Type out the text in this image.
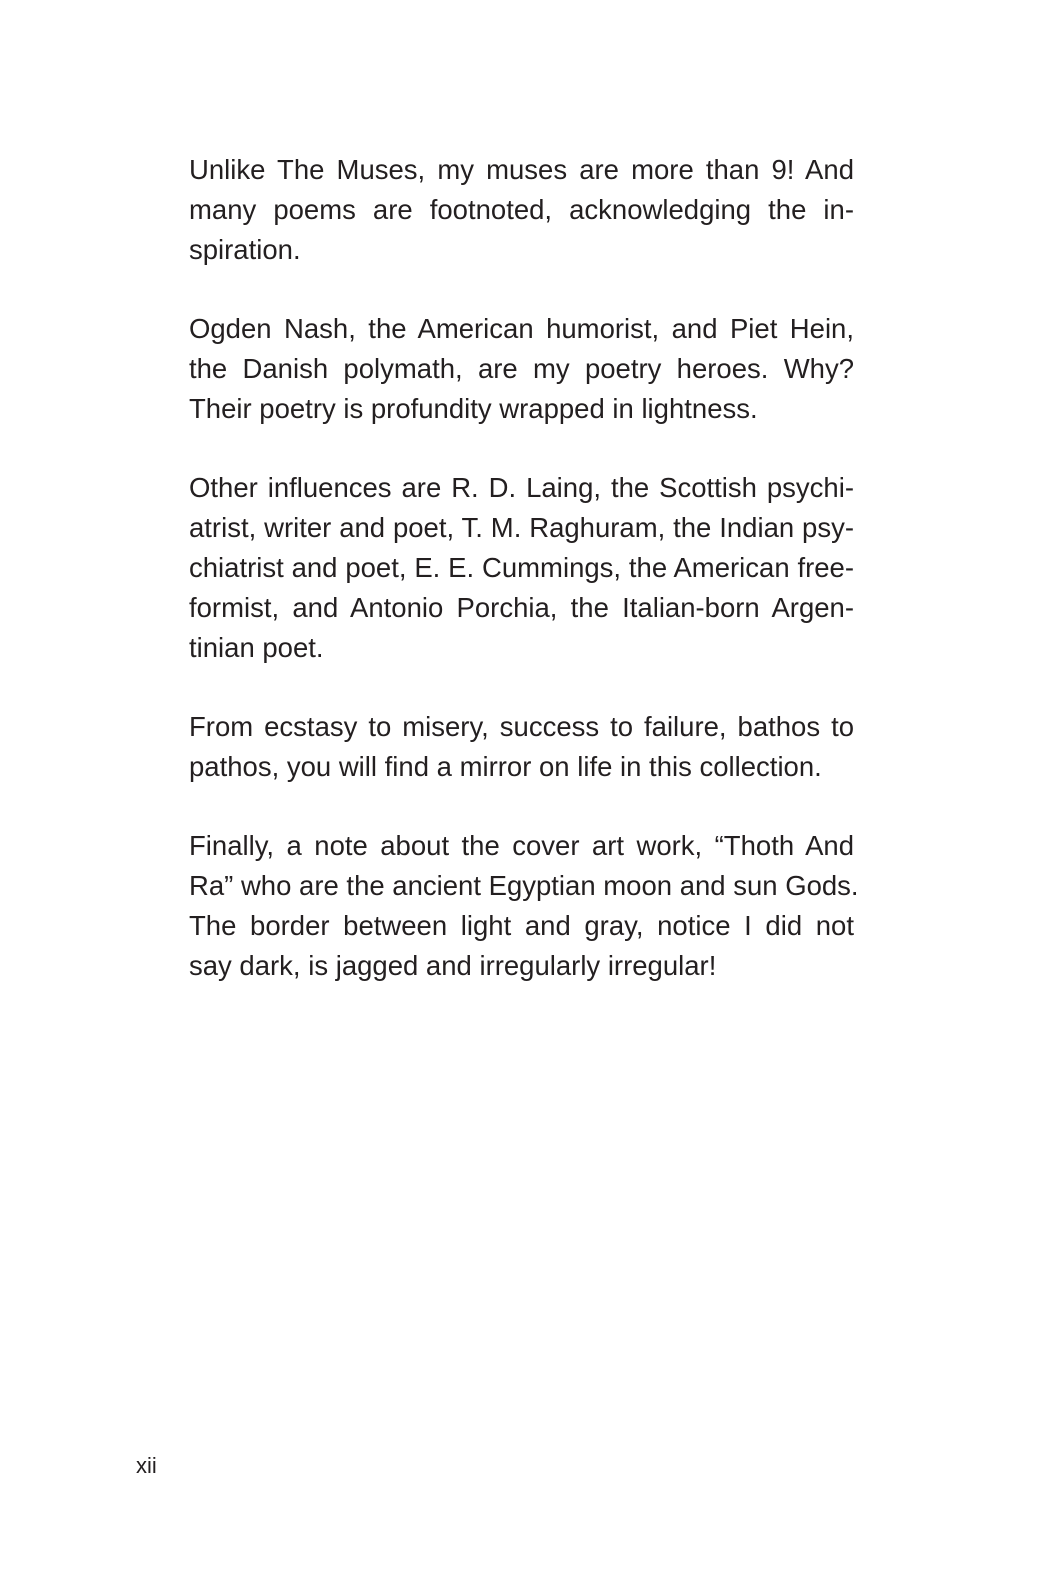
Unlike The Muses, my muses are more than 9! And
many poems are footnoted, acknowledging the in-
spiration.
Ogden Nash, the American humorist, and Piet Hein,
the Danish polymath, are my poetry heroes. Why?
Their poetry is profundity wrapped in lightness.
Other influences are R. D. Laing, the Scottish psychi-
atrist, writer and poet, T. M. Raghuram, the Indian psy-
chiatrist and poet, E. E. Cummings, the American free-
formist, and Antonio Porchia, the Italian-born Argen-
tinian poet.
From ecstasy to misery, success to failure, bathos to
pathos, you will find a mirror on life in this collection.
Finally, a note about the cover art work, “Thoth And
Ra” who are the ancient Egyptian moon and sun Gods.
The border between light and gray, notice I did not
say dark, is jagged and irregularly irregular!
xii
